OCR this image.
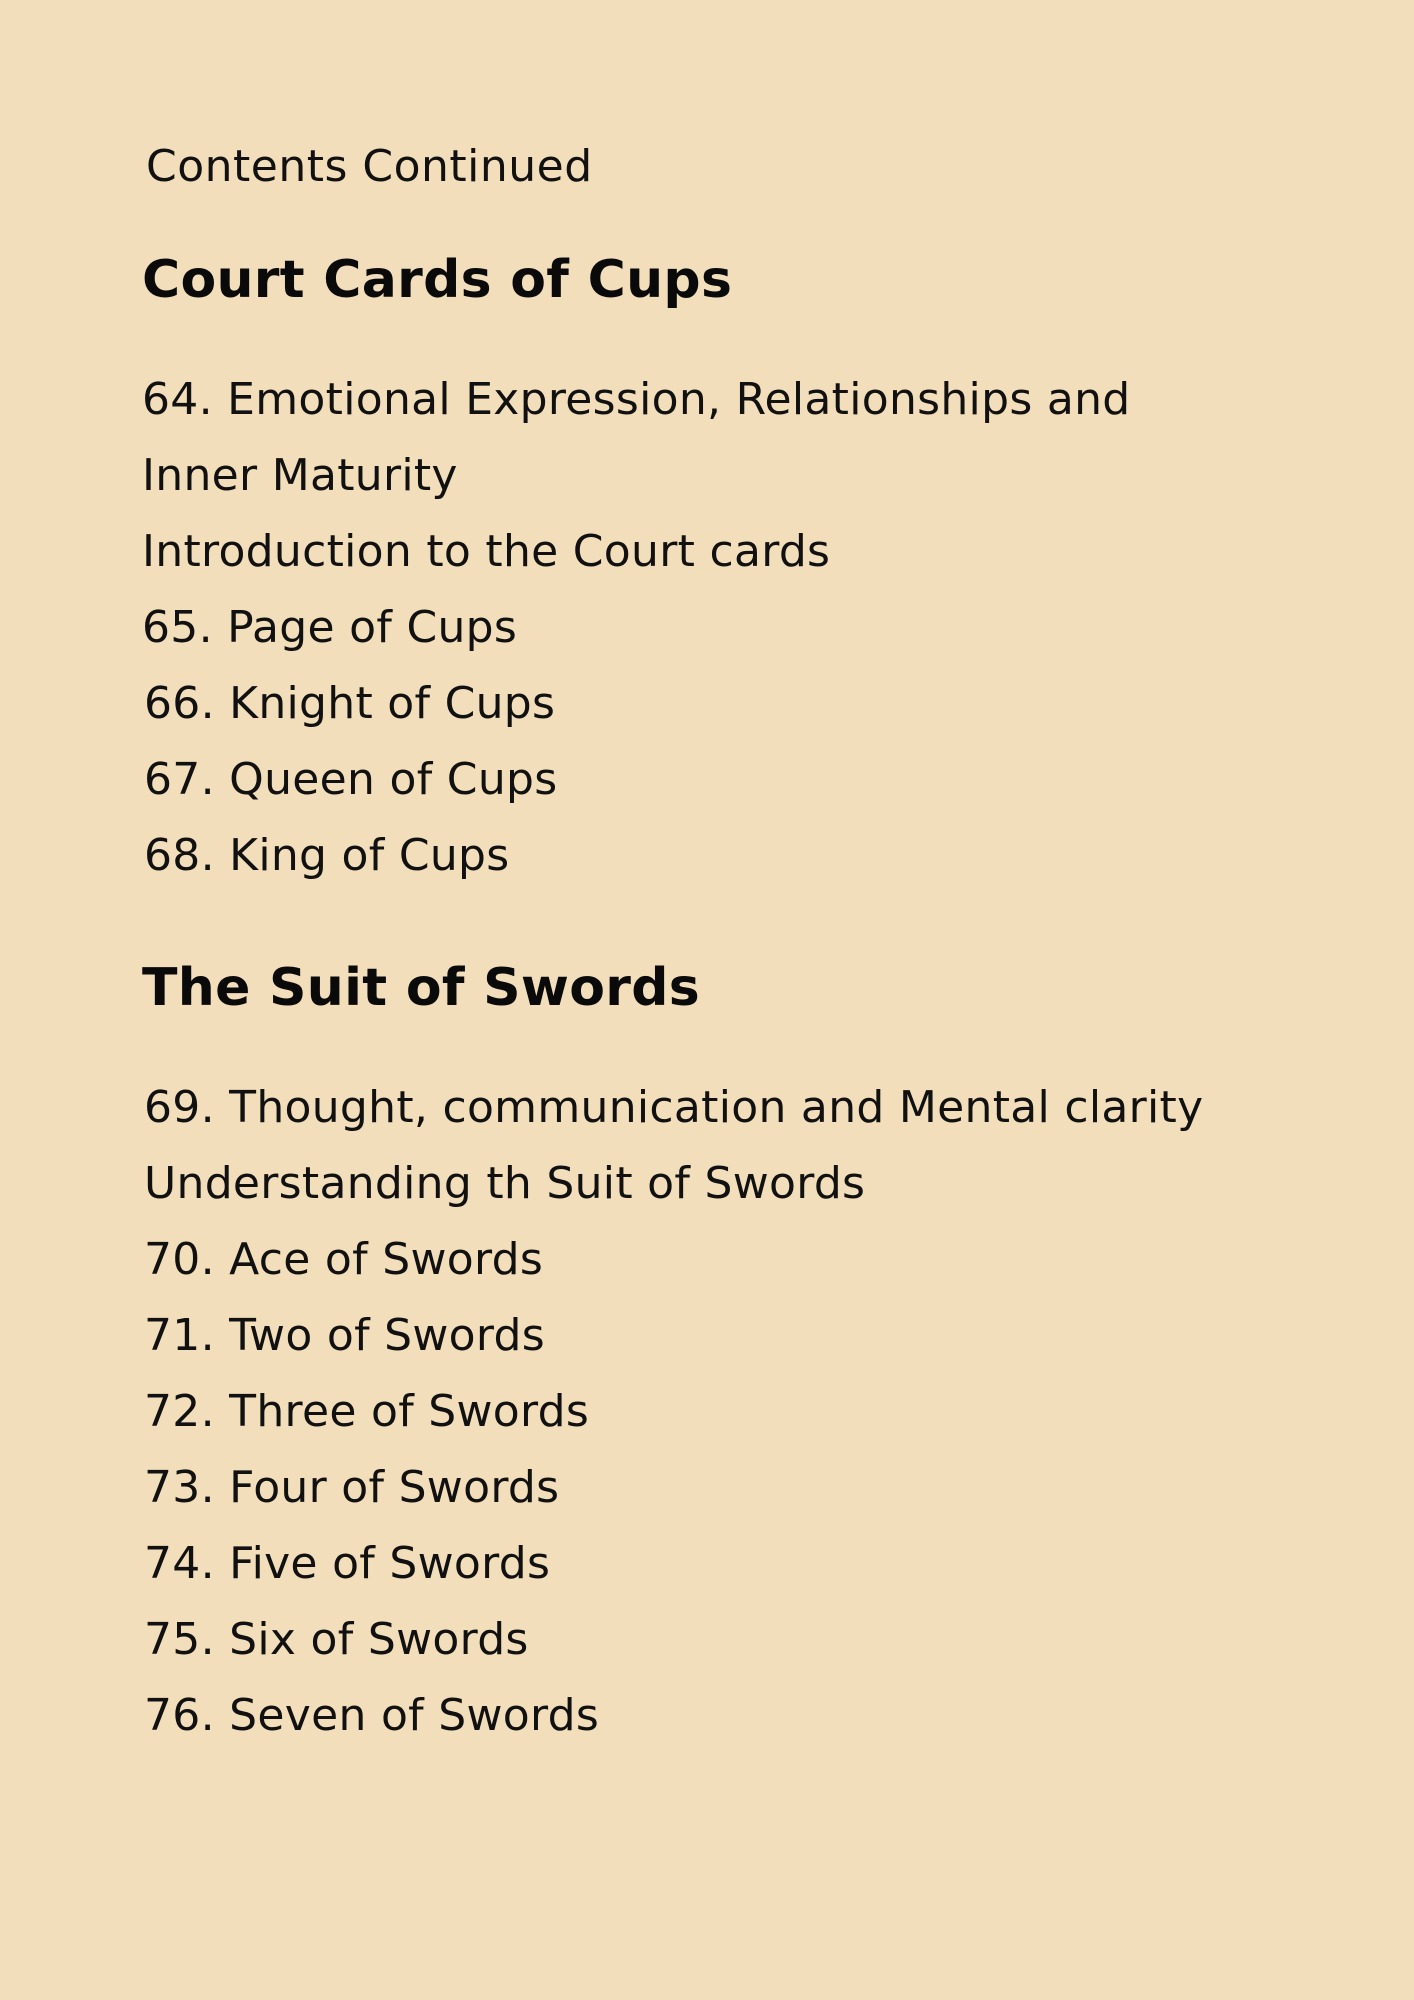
Contents Continued
Court Cards of Cups
64. Emotional Expression, Relationships and
Inner Maturity
Introduction to the Court cards
65. Page of Cups
66. Knight of Cups
67. Queen of Cups
68. King of Cups
The Suit of Swords
69. Thought, communication and Mental clarity
Understanding th Suit of Swords
70. Ace of Swords
71. Two of Swords
72. Three of Swords
73. Four of Swords
74. Five of Swords
75. Six of Swords
76. Seven of Swords
